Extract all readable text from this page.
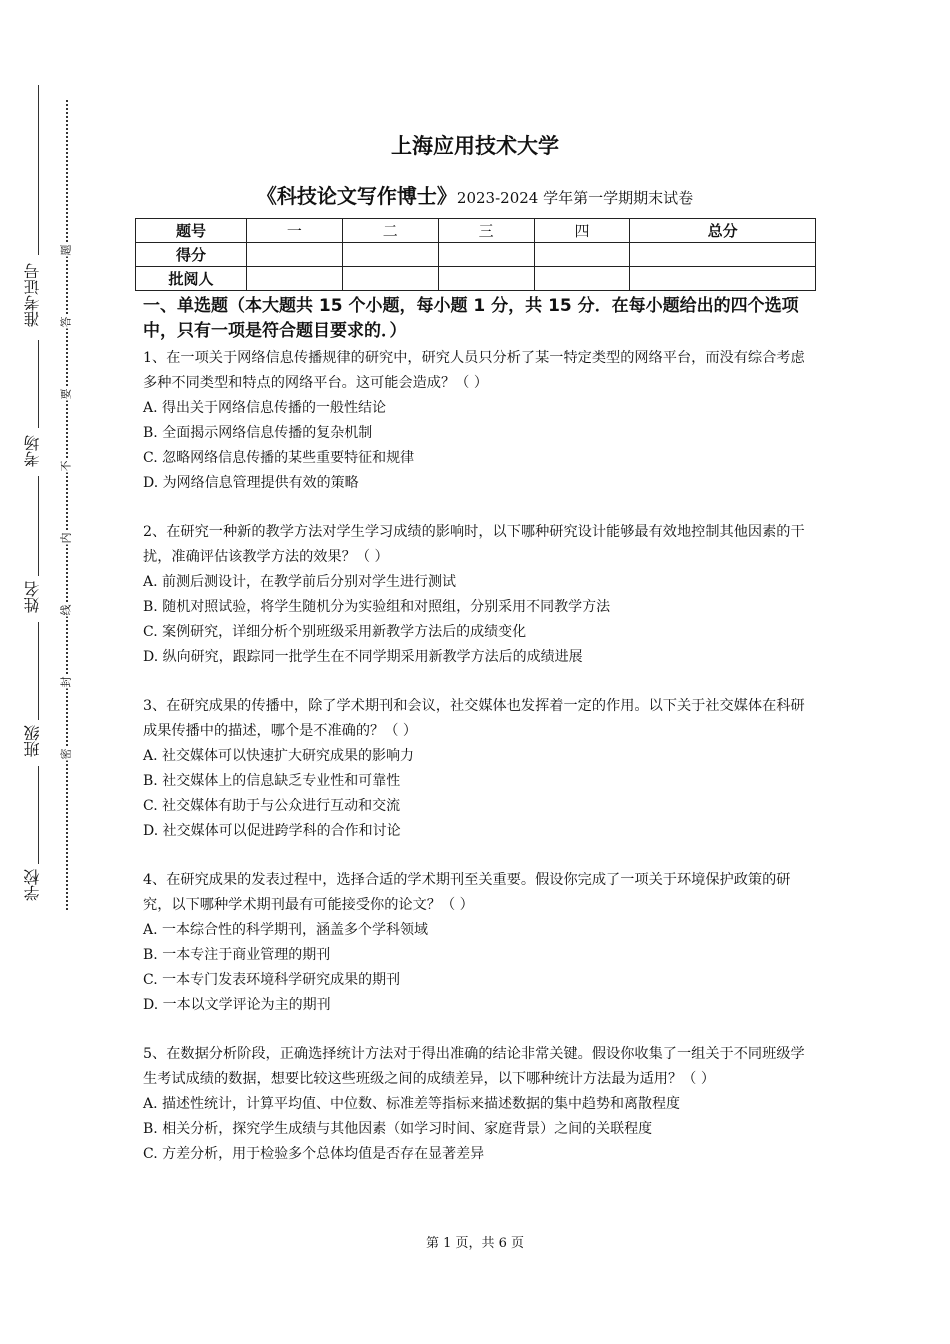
准考证号
考场
姓名
班级
学校
题
答
要
不
内
线
封
密
上海应用技术大学
《科技论文写作博士》2023-2024 学年第一学期期末试卷
题号	一	二	三	四	总分
得分					
批阅人					
一、单选题（本大题共 15 个小题，每小题 1 分，共 15 分．在每小题给出的四个选项中，只有一项是符合题目要求的．）
1、在一项关于网络信息传播规律的研究中，研究人员只分析了某一特定类型的网络平台，而没有综合考虑多种不同类型和特点的网络平台。这可能会造成？（ ）
A. 得出关于网络信息传播的一般性结论
B. 全面揭示网络信息传播的复杂机制
C. 忽略网络信息传播的某些重要特征和规律
D. 为网络信息管理提供有效的策略
2、在研究一种新的教学方法对学生学习成绩的影响时，以下哪种研究设计能够最有效地控制其他因素的干扰，准确评估该教学方法的效果？（ ）
A. 前测后测设计，在教学前后分别对学生进行测试
B. 随机对照试验，将学生随机分为实验组和对照组，分别采用不同教学方法
C. 案例研究，详细分析个别班级采用新教学方法后的成绩变化
D. 纵向研究，跟踪同一批学生在不同学期采用新教学方法后的成绩进展
3、在研究成果的传播中，除了学术期刊和会议，社交媒体也发挥着一定的作用。以下关于社交媒体在科研成果传播中的描述，哪个是不准确的？（ ）
A. 社交媒体可以快速扩大研究成果的影响力
B. 社交媒体上的信息缺乏专业性和可靠性
C. 社交媒体有助于与公众进行互动和交流
D. 社交媒体可以促进跨学科的合作和讨论
4、在研究成果的发表过程中，选择合适的学术期刊至关重要。假设你完成了一项关于环境保护政策的研究，以下哪种学术期刊最有可能接受你的论文？（ ）
A. 一本综合性的科学期刊，涵盖多个学科领域
B. 一本专注于商业管理的期刊
C. 一本专门发表环境科学研究成果的期刊
D. 一本以文学评论为主的期刊
5、在数据分析阶段，正确选择统计方法对于得出准确的结论非常关键。假设你收集了一组关于不同班级学生考试成绩的数据，想要比较这些班级之间的成绩差异，以下哪种统计方法最为适用？（ ）
A. 描述性统计，计算平均值、中位数、标准差等指标来描述数据的集中趋势和离散程度
B. 相关分析，探究学生成绩与其他因素（如学习时间、家庭背景）之间的关联程度
C. 方差分析，用于检验多个总体均值是否存在显著差异
第 1 页，共 6 页
